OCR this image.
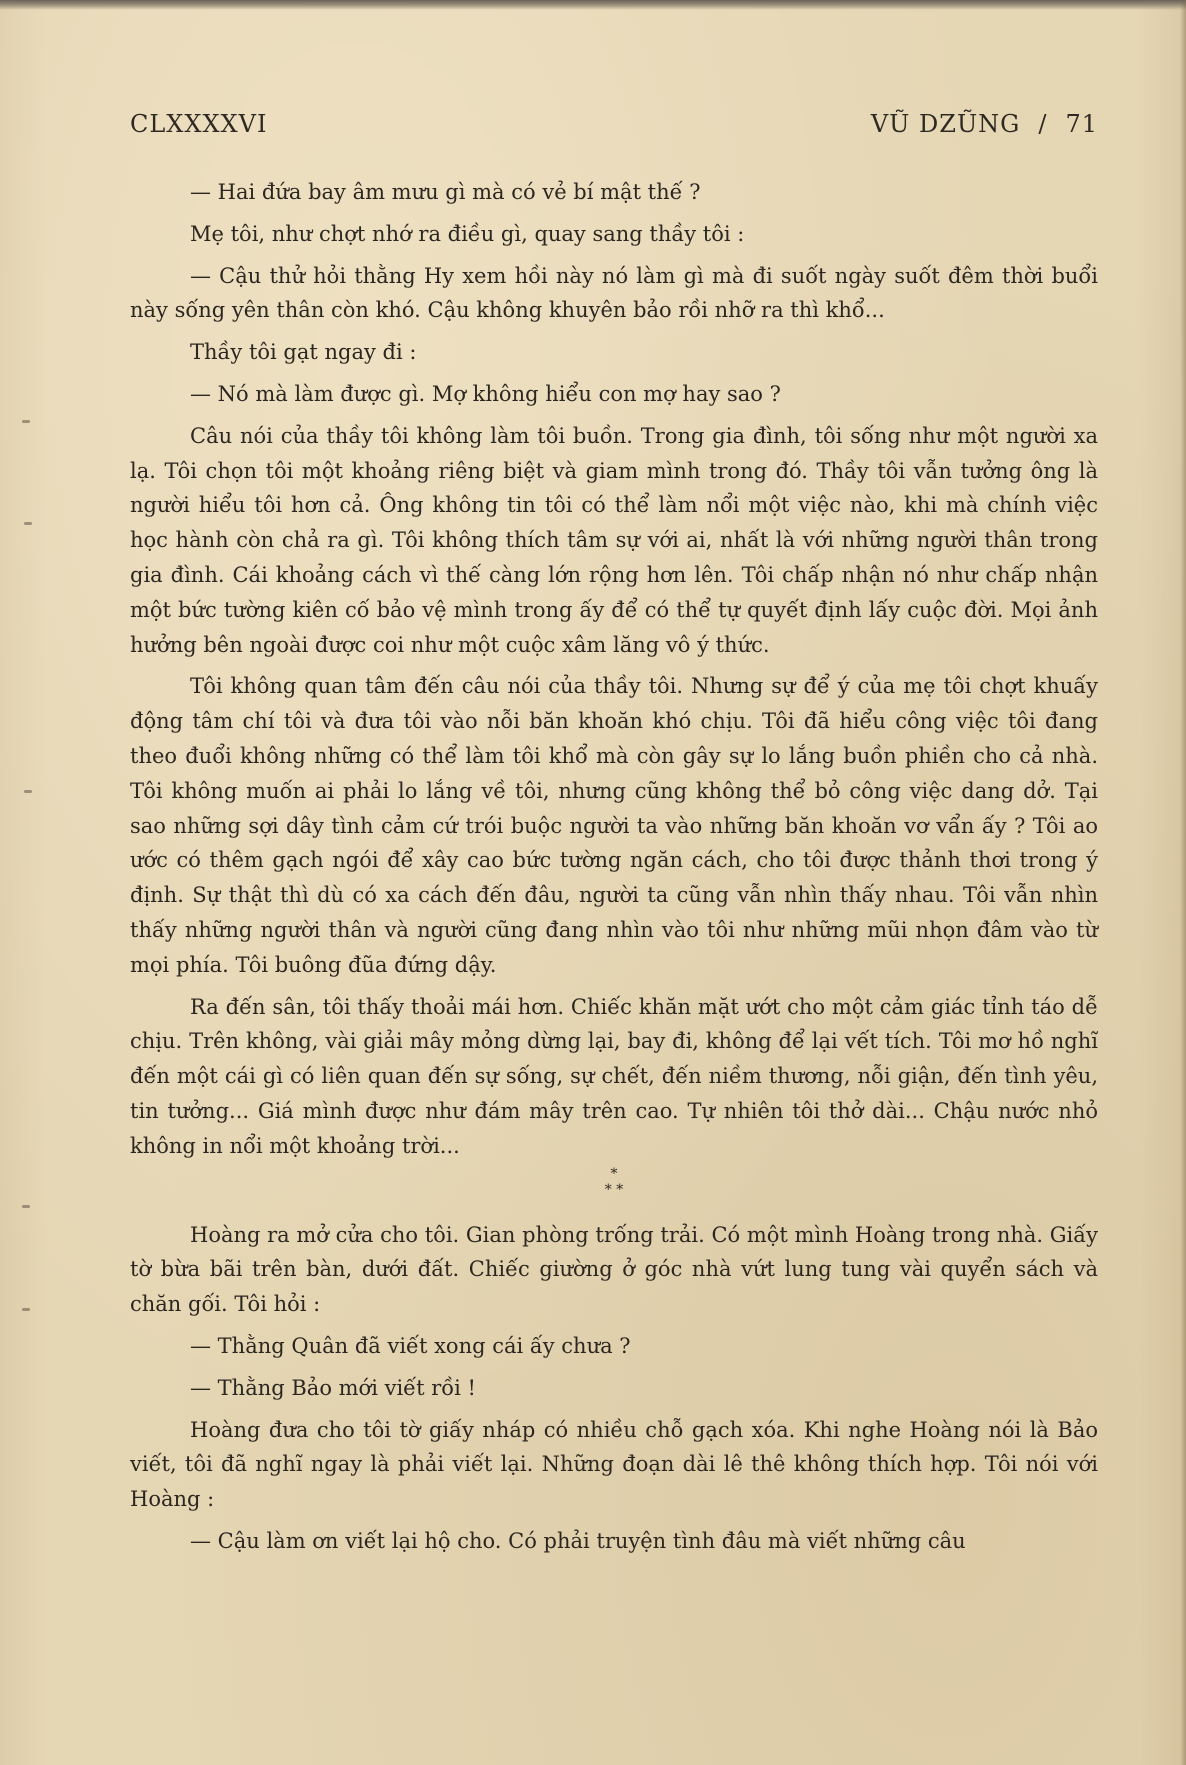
CLXXXXVI	VŨ DZŨNG / 71

— Hai đứa bay âm mưu gì mà có vẻ bí mật thế ?

Mẹ tôi, như chợt nhớ ra điều gì, quay sang thầy tôi :

— Cậu thử hỏi thằng Hy xem hồi này nó làm gì mà đi suốt ngày suốt đêm thời buổi này sống yên thân còn khó. Cậu không khuyên bảo rồi nhỡ ra thì khổ...

Thầy tôi gạt ngay đi :

— Nó mà làm được gì. Mợ không hiểu con mợ hay sao ?

Câu nói của thầy tôi không làm tôi buồn. Trong gia đình, tôi sống như một người xa lạ. Tôi chọn tôi một khoảng riêng biệt và giam mình trong đó. Thầy tôi vẫn tưởng ông là người hiểu tôi hơn cả. Ông không tin tôi có thể làm nổi một việc nào, khi mà chính việc học hành còn chả ra gì. Tôi không thích tâm sự với ai, nhất là với những người thân trong gia đình. Cái khoảng cách vì thế càng lớn rộng hơn lên. Tôi chấp nhận nó như chấp nhận một bức tường kiên cố bảo vệ mình trong ấy để có thể tự quyết định lấy cuộc đời. Mọi ảnh hưởng bên ngoài được coi như một cuộc xâm lăng vô ý thức.

Tôi không quan tâm đến câu nói của thầy tôi. Nhưng sự để ý của mẹ tôi chợt khuấy động tâm chí tôi và đưa tôi vào nỗi băn khoăn khó chịu. Tôi đã hiểu công việc tôi đang theo đuổi không những có thể làm tôi khổ mà còn gây sự lo lắng buồn phiền cho cả nhà. Tôi không muốn ai phải lo lắng về tôi, nhưng cũng không thể bỏ công việc dang dở. Tại sao những sợi dây tình cảm cứ trói buộc người ta vào những băn khoăn vơ vẩn ấy ? Tôi ao ước có thêm gạch ngói để xây cao bức tường ngăn cách, cho tôi được thảnh thơi trong ý định. Sự thật thì dù có xa cách đến đâu, người ta cũng vẫn nhìn thấy nhau. Tôi vẫn nhìn thấy những người thân và người cũng đang nhìn vào tôi như những mũi nhọn đâm vào từ mọi phía. Tôi buông đũa đứng dậy.

Ra đến sân, tôi thấy thoải mái hơn. Chiếc khăn mặt ướt cho một cảm giác tỉnh táo dễ chịu. Trên không, vài giải mây mỏng dừng lại, bay đi, không để lại vết tích. Tôi mơ hồ nghĩ đến một cái gì có liên quan đến sự sống, sự chết, đến niềm thương, nỗi giận, đến tình yêu, tin tưởng... Giá mình được như đám mây trên cao. Tự nhiên tôi thở dài... Chậu nước nhỏ không in nổi một khoảng trời...

*
* *

Hoàng ra mở cửa cho tôi. Gian phòng trống trải. Có một mình Hoàng trong nhà. Giấy tờ bừa bãi trên bàn, dưới đất. Chiếc giường ở góc nhà vứt lung tung vài quyển sách và chăn gối. Tôi hỏi :

— Thằng Quân đã viết xong cái ấy chưa ?

— Thằng Bảo mới viết rồi !

Hoàng đưa cho tôi tờ giấy nháp có nhiều chỗ gạch xóa. Khi nghe Hoàng nói là Bảo viết, tôi đã nghĩ ngay là phải viết lại. Những đoạn dài lê thê không thích hợp. Tôi nói với Hoàng :

— Cậu làm ơn viết lại hộ cho. Có phải truyện tình đâu mà viết những câu
